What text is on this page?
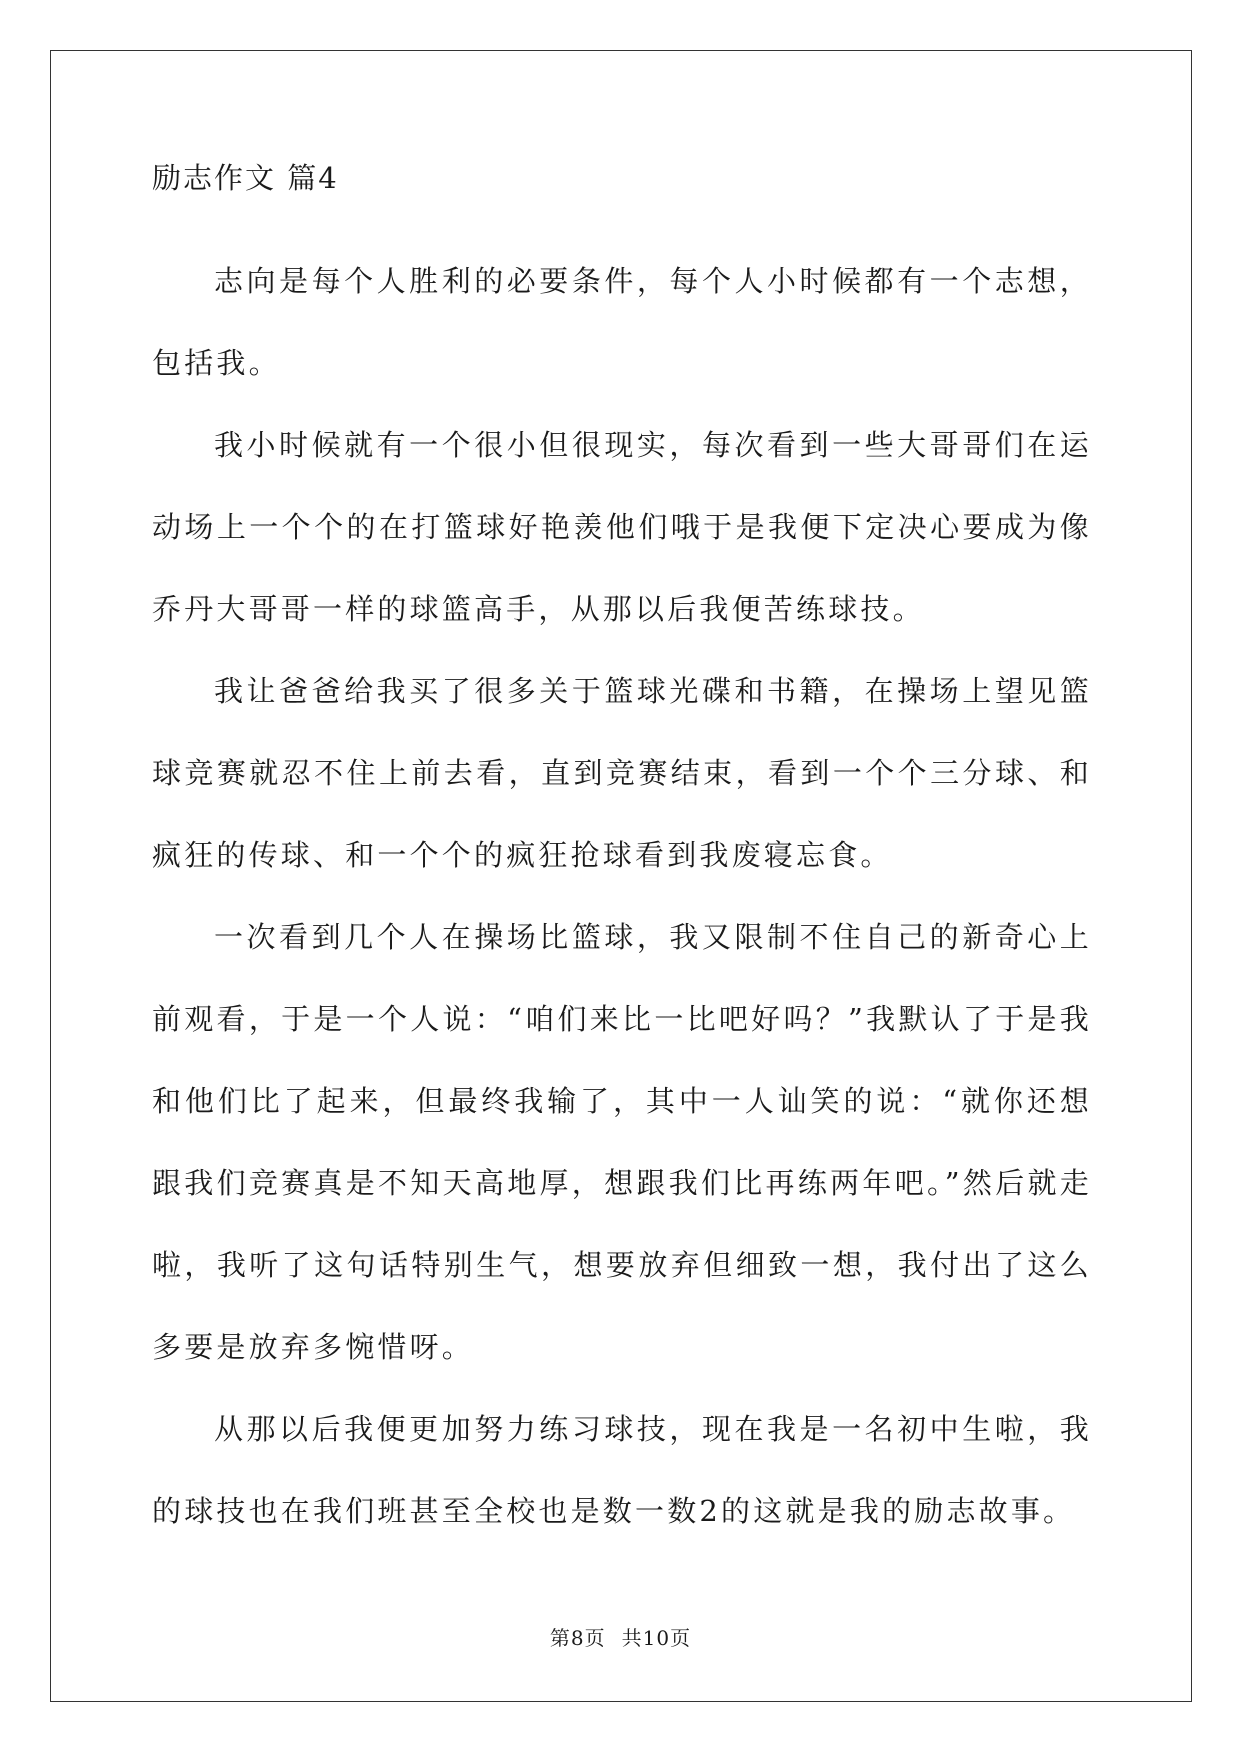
励志作文 篇4

志向是每个人胜利的必要条件，每个人小时候都有一个志想，包括我。

我小时候就有一个很小但很现实，每次看到一些大哥哥们在运动场上一个个的在打篮球好艳羡他们哦于是我便下定决心要成为像乔丹大哥哥一样的球篮高手，从那以后我便苦练球技。

我让爸爸给我买了很多关于篮球光碟和书籍，在操场上望见篮球竞赛就忍不住上前去看，直到竞赛结束，看到一个个三分球、和疯狂的传球、和一个个的疯狂抢球看到我废寝忘食。

一次看到几个人在操场比篮球，我又限制不住自己的新奇心上前观看，于是一个人说：“咱们来比一比吧好吗？”我默认了于是我和他们比了起来，但最终我输了，其中一人讪笑的说：“就你还想跟我们竞赛真是不知天高地厚，想跟我们比再练两年吧。”然后就走啦，我听了这句话特别生气，想要放弃但细致一想，我付出了这么多要是放弃多惋惜呀。

从那以后我便更加努力练习球技，现在我是一名初中生啦，我的球技也在我们班甚至全校也是数一数2的这就是我的励志故事。

第8页 共10页
